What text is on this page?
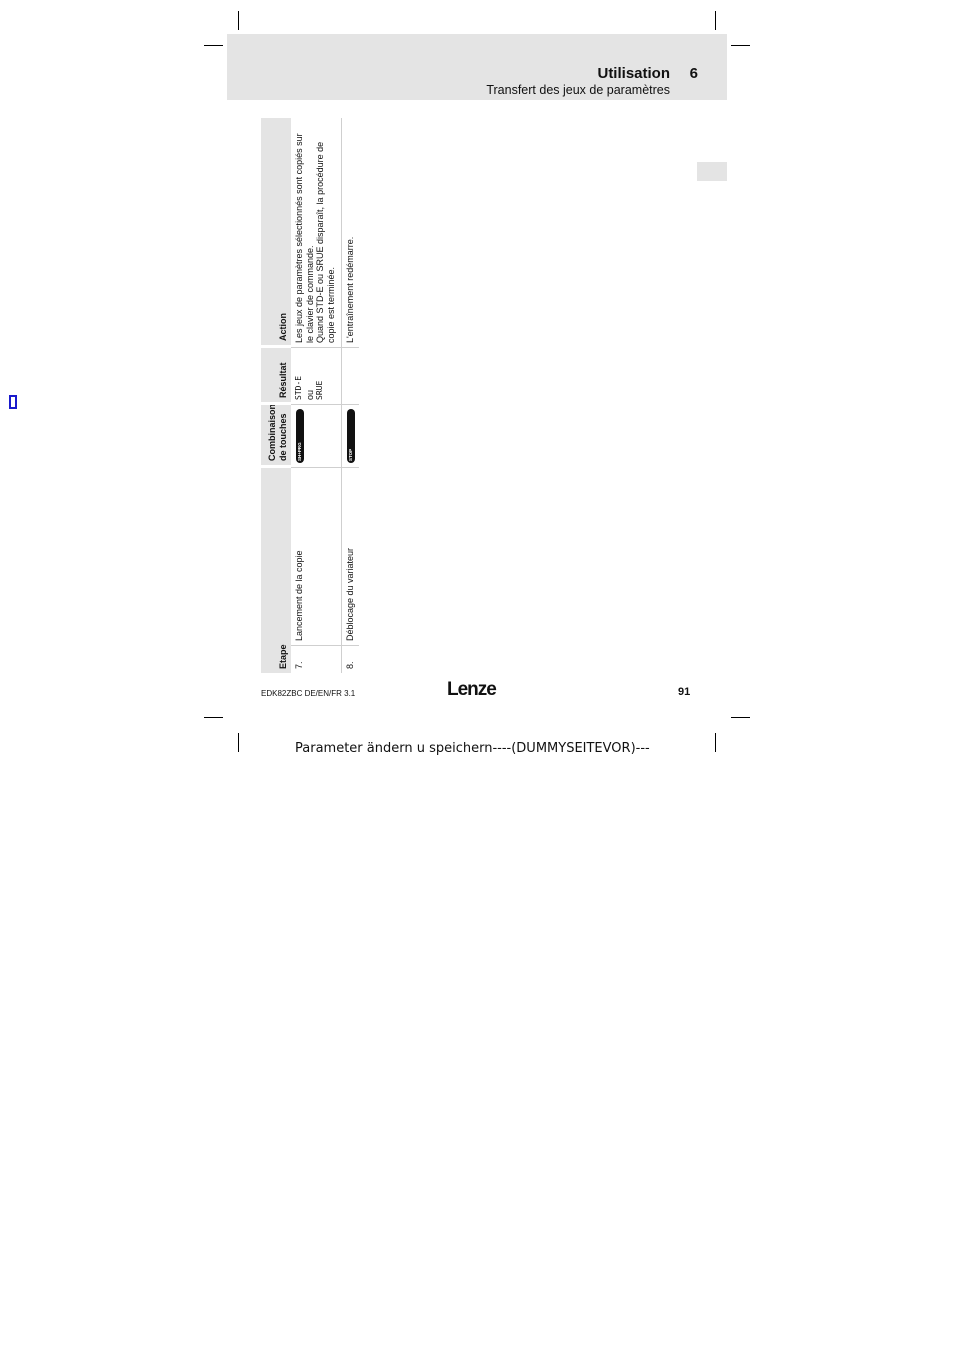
Utilisation 6
Transfert des jeux de paramètres
Etape
Combinaison de touches
Résultat
Action
7.
Lancement de la copie
SH+PRG
STD-E ou SRUE
Les jeux de paramètres sélectionnés sont copiés sur le clavier de commande. Quand STD-E ou SRUE disparaît, la procédure de copie est terminée.
8.
Déblocage du variateur
STOP
L'entraînement redémarre.
EDK82ZBC DE/EN/FR 3.1	Lenze	91
Parameter ändern u speichern----(DUMMYSEITEVOR)---
